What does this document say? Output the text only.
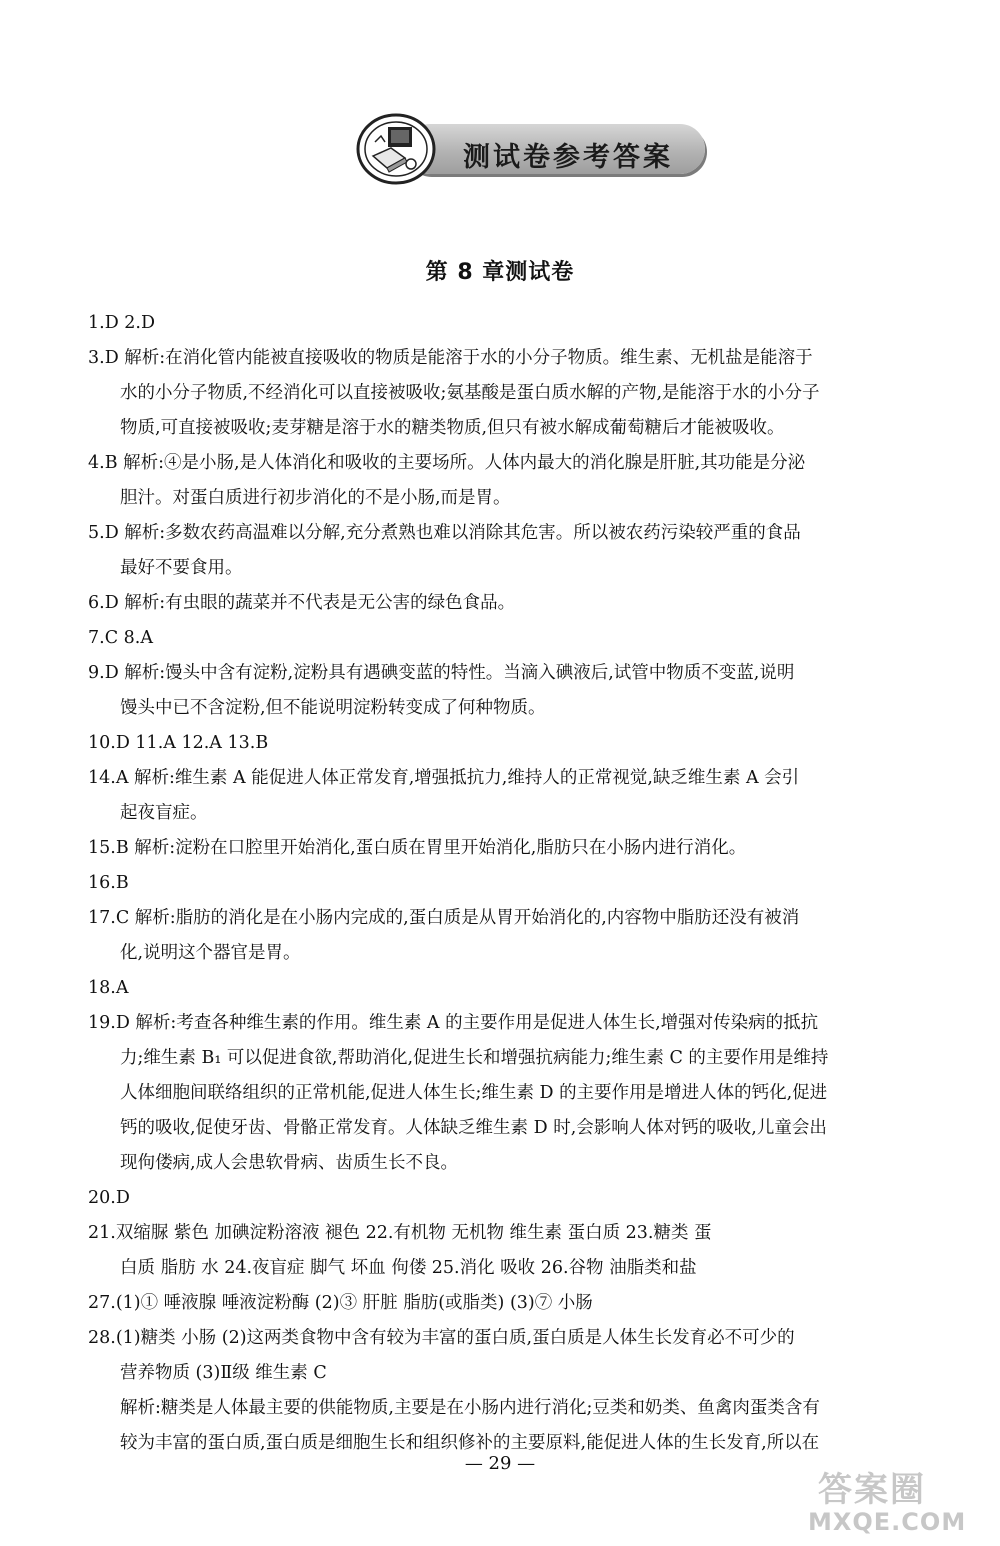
测试卷参考答案
第 8 章测试卷
1.D 2.D
3.D 解析:在消化管内能被直接吸收的物质是能溶于水的小分子物质。维生素、无机盐是能溶于
水的小分子物质,不经消化可以直接被吸收;氨基酸是蛋白质水解的产物,是能溶于水的小分子
物质,可直接被吸收;麦芽糖是溶于水的糖类物质,但只有被水解成葡萄糖后才能被吸收。
4.B 解析:④是小肠,是人体消化和吸收的主要场所。人体内最大的消化腺是肝脏,其功能是分泌
胆汁。对蛋白质进行初步消化的不是小肠,而是胃。
5.D 解析:多数农药高温难以分解,充分煮熟也难以消除其危害。所以被农药污染较严重的食品
最好不要食用。
6.D 解析:有虫眼的蔬菜并不代表是无公害的绿色食品。
7.C 8.A
9.D 解析:馒头中含有淀粉,淀粉具有遇碘变蓝的特性。当滴入碘液后,试管中物质不变蓝,说明
馒头中已不含淀粉,但不能说明淀粉转变成了何种物质。
10.D 11.A 12.A 13.B
14.A 解析:维生素 A 能促进人体正常发育,增强抵抗力,维持人的正常视觉,缺乏维生素 A 会引
起夜盲症。
15.B 解析:淀粉在口腔里开始消化,蛋白质在胃里开始消化,脂肪只在小肠内进行消化。
16.B
17.C 解析:脂肪的消化是在小肠内完成的,蛋白质是从胃开始消化的,内容物中脂肪还没有被消
化,说明这个器官是胃。
18.A
19.D 解析:考查各种维生素的作用。维生素 A 的主要作用是促进人体生长,增强对传染病的抵抗
力;维生素 B₁ 可以促进食欲,帮助消化,促进生长和增强抗病能力;维生素 C 的主要作用是维持
人体细胞间联络组织的正常机能,促进人体生长;维生素 D 的主要作用是增进人体的钙化,促进
钙的吸收,促使牙齿、骨骼正常发育。人体缺乏维生素 D 时,会影响人体对钙的吸收,儿童会出
现佝偻病,成人会患软骨病、齿质生长不良。
20.D
21.双缩脲 紫色 加碘淀粉溶液 褪色 22.有机物 无机物 维生素 蛋白质 23.糖类 蛋
白质 脂肪 水 24.夜盲症 脚气 坏血 佝偻 25.消化 吸收 26.谷物 油脂类和盐
27.(1)① 唾液腺 唾液淀粉酶 (2)③ 肝脏 脂肪(或脂类) (3)⑦ 小肠
28.(1)糖类 小肠 (2)这两类食物中含有较为丰富的蛋白质,蛋白质是人体生长发育必不可少的
营养物质 (3)Ⅱ级 维生素 C
解析:糖类是人体最主要的供能物质,主要是在小肠内进行消化;豆类和奶类、鱼禽肉蛋类含有
较为丰富的蛋白质,蛋白质是细胞生长和组织修补的主要原料,能促进人体的生长发育,所以在
— 29 —
答案圈
MXQE.COM
